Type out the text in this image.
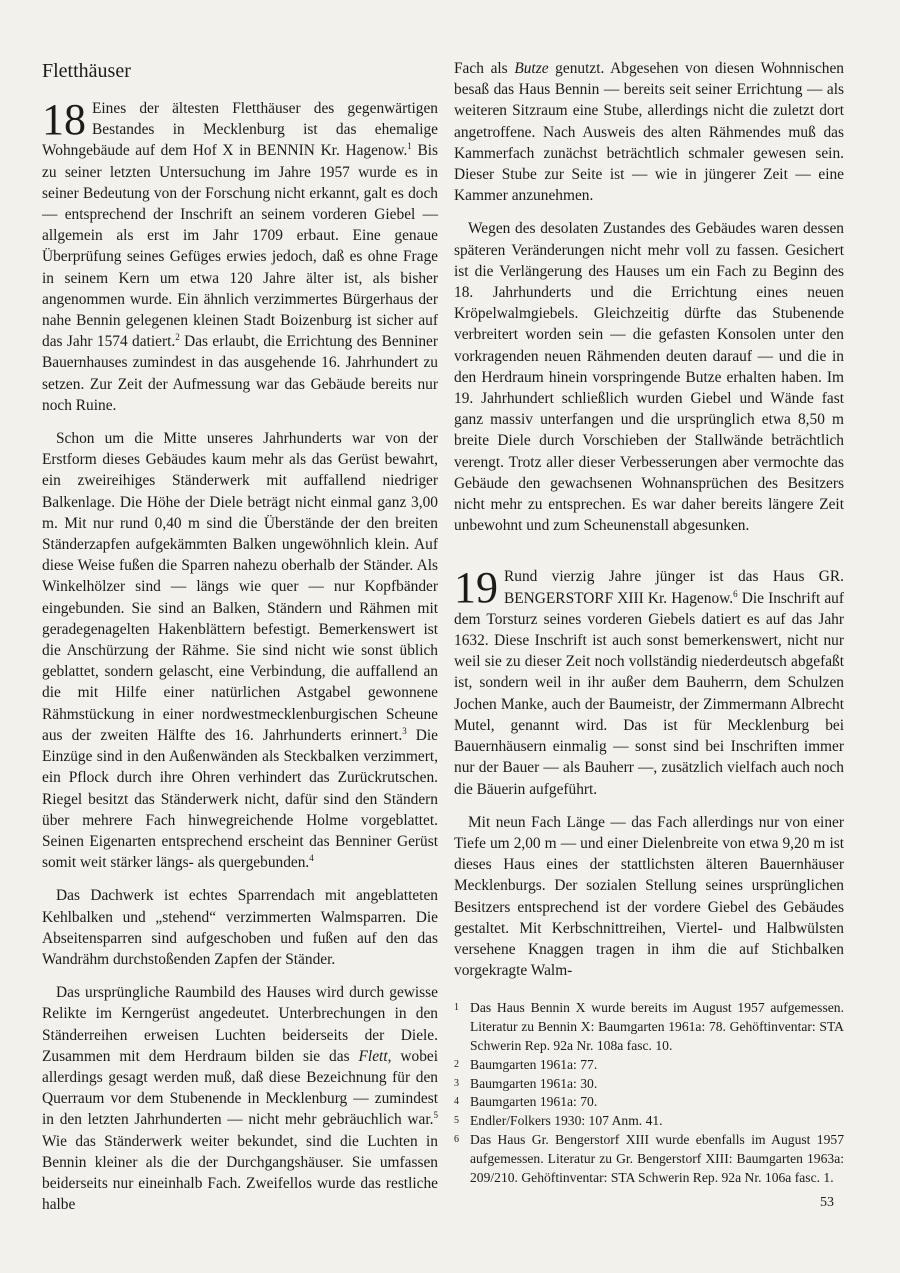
Fletthäuser

18 Eines der ältesten Fletthäuser des gegenwärtigen Bestandes in Mecklenburg ist das ehemalige Wohngebäude auf dem Hof X in BENNIN Kr. Hagenow.$^1$ Bis zu seiner letzten Untersuchung im Jahre 1957 wurde es in seiner Bedeutung von der Forschung nicht erkannt, galt es doch — entsprechend der Inschrift an seinem vorderen Giebel — allgemein als erst im Jahr 1709 erbaut. Eine genaue Überprüfung seines Gefüges erwies jedoch, daß es ohne Frage in seinem Kern um etwa 120 Jahre älter ist, als bisher angenommen wurde. Ein ähnlich verzimmertes Bürgerhaus der nahe Bennin gelegenen kleinen Stadt Boizenburg ist sicher auf das Jahr 1574 datiert.$^2$ Das erlaubt, die Errichtung des Benniner Bauernhauses zumindest in das ausgehende 16. Jahrhundert zu setzen. Zur Zeit der Aufmessung war das Gebäude bereits nur noch Ruine.

Schon um die Mitte unseres Jahrhunderts war von der Erstform dieses Gebäudes kaum mehr als das Gerüst bewahrt, ein zweireihiges Ständerwerk mit auffallend niedriger Balkenlage. Die Höhe der Diele beträgt nicht einmal ganz 3,00 m. Mit nur rund 0,40 m sind die Überstände der den breiten Ständerzapfen aufgekämmten Balken ungewöhnlich klein. Auf diese Weise fußen die Sparren nahezu oberhalb der Ständer. Als Winkelhölzer sind — längs wie quer — nur Kopfbänder eingebunden. Sie sind an Balken, Ständern und Rähmen mit geradegenagelten Hakenblättern befestigt. Bemerkenswert ist die Anschürzung der Rähme. Sie sind nicht wie sonst üblich geblattet, sondern gelascht, eine Verbindung, die auffallend an die mit Hilfe einer natürlichen Astgabel gewonnene Rähmstückung in einer nordwestmecklenburgischen Scheune aus der zweiten Hälfte des 16. Jahrhunderts erinnert.$^3$ Die Einzüge sind in den Außenwänden als Steckbalken verzimmert, ein Pflock durch ihre Ohren verhindert das Zurückrutschen. Riegel besitzt das Ständerwerk nicht, dafür sind den Ständern über mehrere Fach hinwegreichende Holme vorgeblattet. Seinen Eigenarten entsprechend erscheint das Benniner Gerüst somit weit stärker längs- als quergebunden.$^4$

Das Dachwerk ist echtes Sparrendach mit angeblatteten Kehlbalken und „stehend“ verzimmerten Walmsparren. Die Abseitensparren sind aufgeschoben und fußen auf den das Wandrähm durchstoßenden Zapfen der Ständer.

Das ursprüngliche Raumbild des Hauses wird durch gewisse Relikte im Kerngerüst angedeutet. Unterbrechungen in den Ständerreihen erweisen Luchten beiderseits der Diele. Zusammen mit dem Herdraum bilden sie das Flett, wobei allerdings gesagt werden muß, daß diese Bezeichnung für den Querraum vor dem Stubenende in Mecklenburg — zumindest in den letzten Jahrhunderten — nicht mehr gebräuchlich war.$^5$ Wie das Ständerwerk weiter bekundet, sind die Luchten in Bennin kleiner als die der Durchgangshäuser. Sie umfassen beiderseits nur eineinhalb Fach. Zweifellos wurde das restliche halbe

Fach als Butze genutzt. Abgesehen von diesen Wohnnischen besaß das Haus Bennin — bereits seit seiner Errichtung — als weiteren Sitzraum eine Stube, allerdings nicht die zuletzt dort angetroffene. Nach Ausweis des alten Rähmendes muß das Kammerfach zunächst beträchtlich schmaler gewesen sein. Dieser Stube zur Seite ist — wie in jüngerer Zeit — eine Kammer anzunehmen.

Wegen des desolaten Zustandes des Gebäudes waren dessen späteren Veränderungen nicht mehr voll zu fassen. Gesichert ist die Verlängerung des Hauses um ein Fach zu Beginn des 18. Jahrhunderts und die Errichtung eines neuen Kröpelwalmgiebels. Gleichzeitig dürfte das Stubenende verbreitert worden sein — die gefasten Konsolen unter den vorkragenden neuen Rähmenden deuten darauf — und die in den Herdraum hinein vorspringende Butze erhalten haben. Im 19. Jahrhundert schließlich wurden Giebel und Wände fast ganz massiv unterfangen und die ursprünglich etwa 8,50 m breite Diele durch Vorschieben der Stallwände beträchtlich verengt. Trotz aller dieser Verbesserungen aber vermochte das Gebäude den gewachsenen Wohnansprüchen des Besitzers nicht mehr zu entsprechen. Es war daher bereits längere Zeit unbewohnt und zum Scheunenstall abgesunken.

19 Rund vierzig Jahre jünger ist das Haus GR. BENGERSTORF XIII Kr. Hagenow.$^6$ Die Inschrift auf dem Torsturz seines vorderen Giebels datiert es auf das Jahr 1632. Diese Inschrift ist auch sonst bemerkenswert, nicht nur weil sie zu dieser Zeit noch vollständig niederdeutsch abgefaßt ist, sondern weil in ihr außer dem Bauherrn, dem Schulzen Jochen Manke, auch der Baumeistr, der Zimmermann Albrecht Mutel, genannt wird. Das ist für Mecklenburg bei Bauernhäusern einmalig — sonst sind bei Inschriften immer nur der Bauer — als Bauherr —, zusätzlich vielfach auch noch die Bäuerin aufgeführt.

Mit neun Fach Länge — das Fach allerdings nur von einer Tiefe um 2,00 m — und einer Dielenbreite von etwa 9,20 m ist dieses Haus eines der stattlichsten älteren Bauernhäuser Mecklenburgs. Der sozialen Stellung seines ursprünglichen Besitzers entsprechend ist der vordere Giebel des Gebäudes gestaltet. Mit Kerbschnittreihen, Viertel- und Halbwülsten versehene Knaggen tragen in ihm die auf Stichbalken vorgekragte Walm-

1 Das Haus Bennin X wurde bereits im August 1957 aufgemessen. Literatur zu Bennin X: Baumgarten 1961a: 78. Gehöftinventar: STA Schwerin Rep. 92a Nr. 108a fasc. 10.
2 Baumgarten 1961a: 77.
3 Baumgarten 1961a: 30.
4 Baumgarten 1961a: 70.
5 Endler/Folkers 1930: 107 Anm. 41.
6 Das Haus Gr. Bengerstorf XIII wurde ebenfalls im August 1957 aufgemessen. Literatur zu Gr. Bengerstorf XIII: Baumgarten 1963a: 209/210. Gehöftinventar: STA Schwerin Rep. 92a Nr. 106a fasc. 1.
53
